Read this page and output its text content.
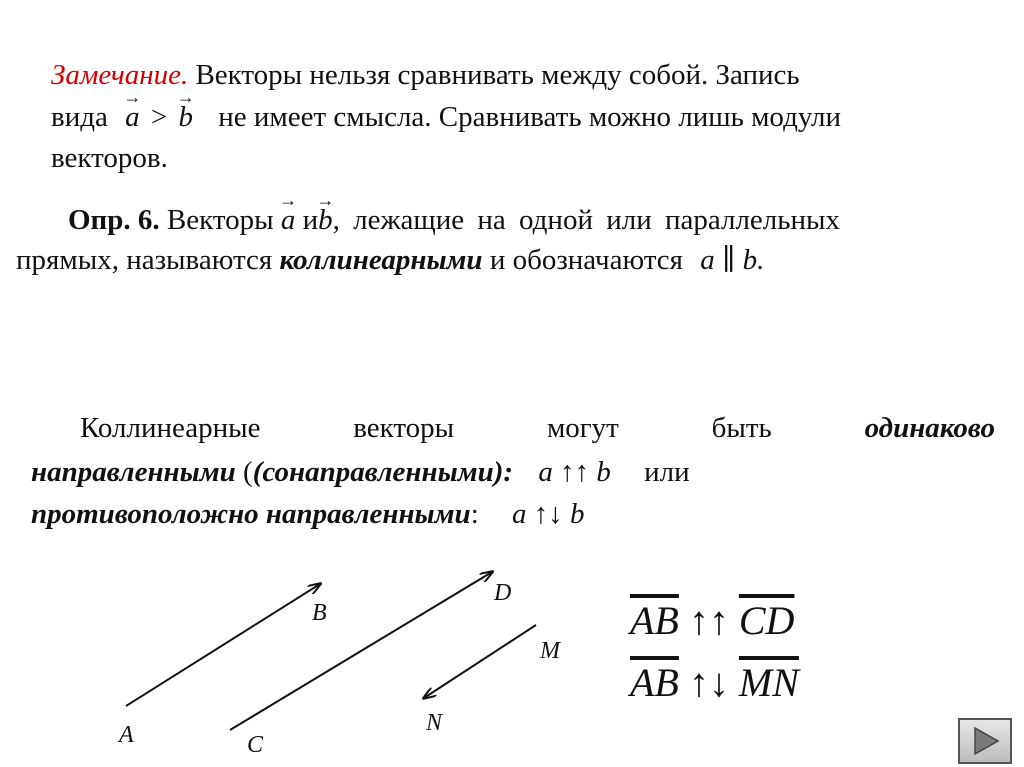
Замечание. Векторы нельзя сравнивать между собой. Запись
вида a
→
> b
→
не имеет смысла. Сравнивать можно лишь модули
векторов.
Опр. 6. Векторы a
→
иb
→
, лежащие на одной или параллельных
прямых, называются коллинеарными и обозначаются a ∥ b.
Коллинеарные	векторы	могут	быть	одинаково
направленными ((сонаправленными): a ↑↑ b или
противоположно направленными: a ↑↓ b
B
A
D
C
M
N
$\overline{AB}$ ↑↑ $\overline{CD}$
$\overline{AB}$ ↑↓ $\overline{MN}$
